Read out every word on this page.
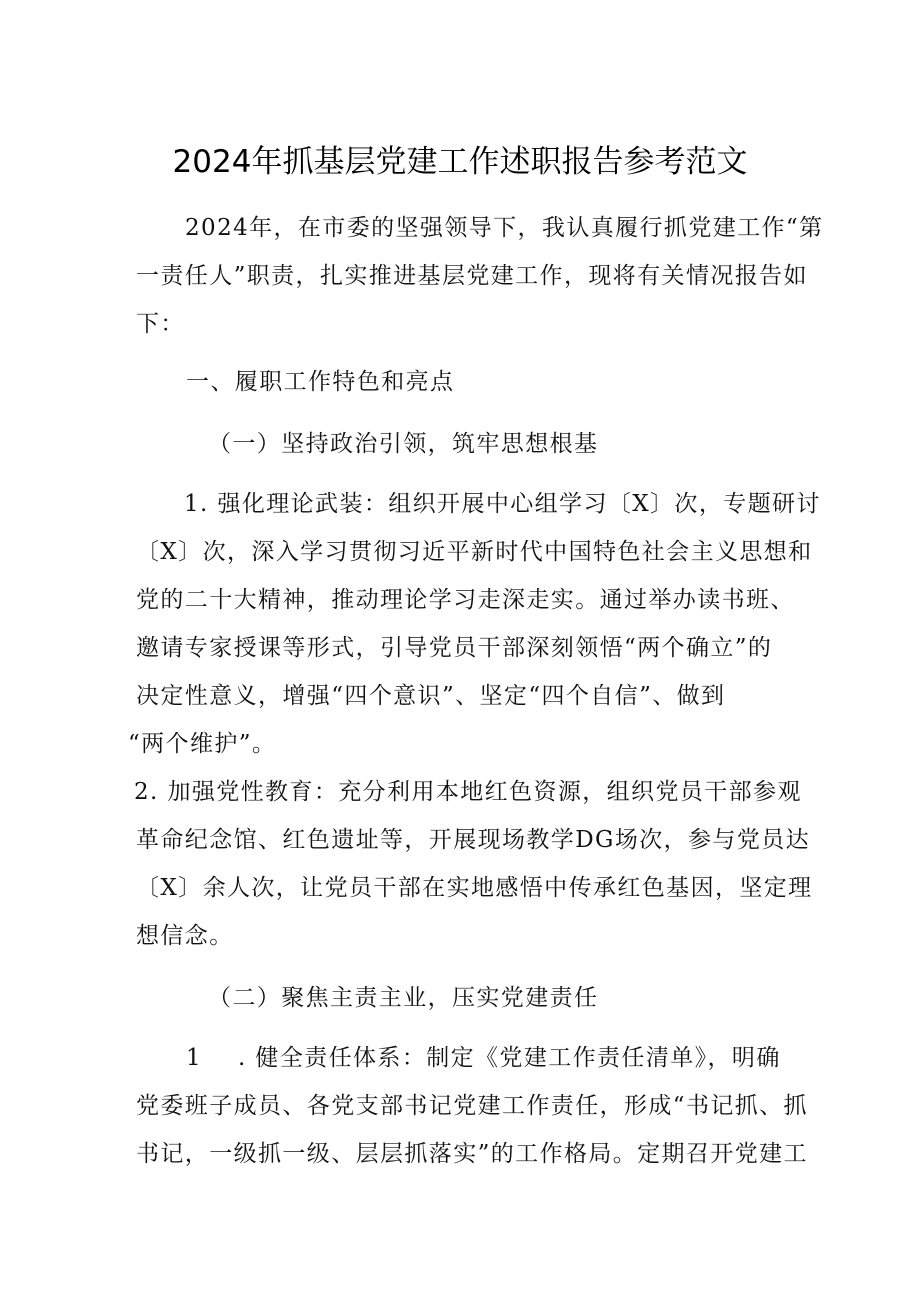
2024年抓基层党建工作述职报告参考范文
2024年，在市委的坚强领导下，我认真履行抓党建工作“第
一责任人”职责，扎实推进基层党建工作，现将有关情况报告如
下：
一、履职工作特色和亮点
（一）坚持政治引领，筑牢思想根基
1. 强化理论武装：组织开展中心组学习〔X〕次，专题研讨
〔X〕次，深入学习贯彻习近平新时代中国特色社会主义思想和
党的二十大精神，推动理论学习走深走实。通过举办读书班、
邀请专家授课等形式，引导党员干部深刻领悟“两个确立”的
决定性意义，增强“四个意识”、坚定“四个自信”、做到
“两个维护”。
2. 加强党性教育：充分利用本地红色资源，组织党员干部参观
革命纪念馆、红色遗址等，开展现场教学DG场次，参与党员达
〔X〕余人次，让党员干部在实地感悟中传承红色基因，坚定理
想信念。
（二）聚焦主责主业，压实党建责任
1 . 健全责任体系：制定《党建工作责任清单》，明确
党委班子成员、各党支部书记党建工作责任，形成“书记抓、抓
书记，一级抓一级、层层抓落实”的工作格局。定期召开党建工
